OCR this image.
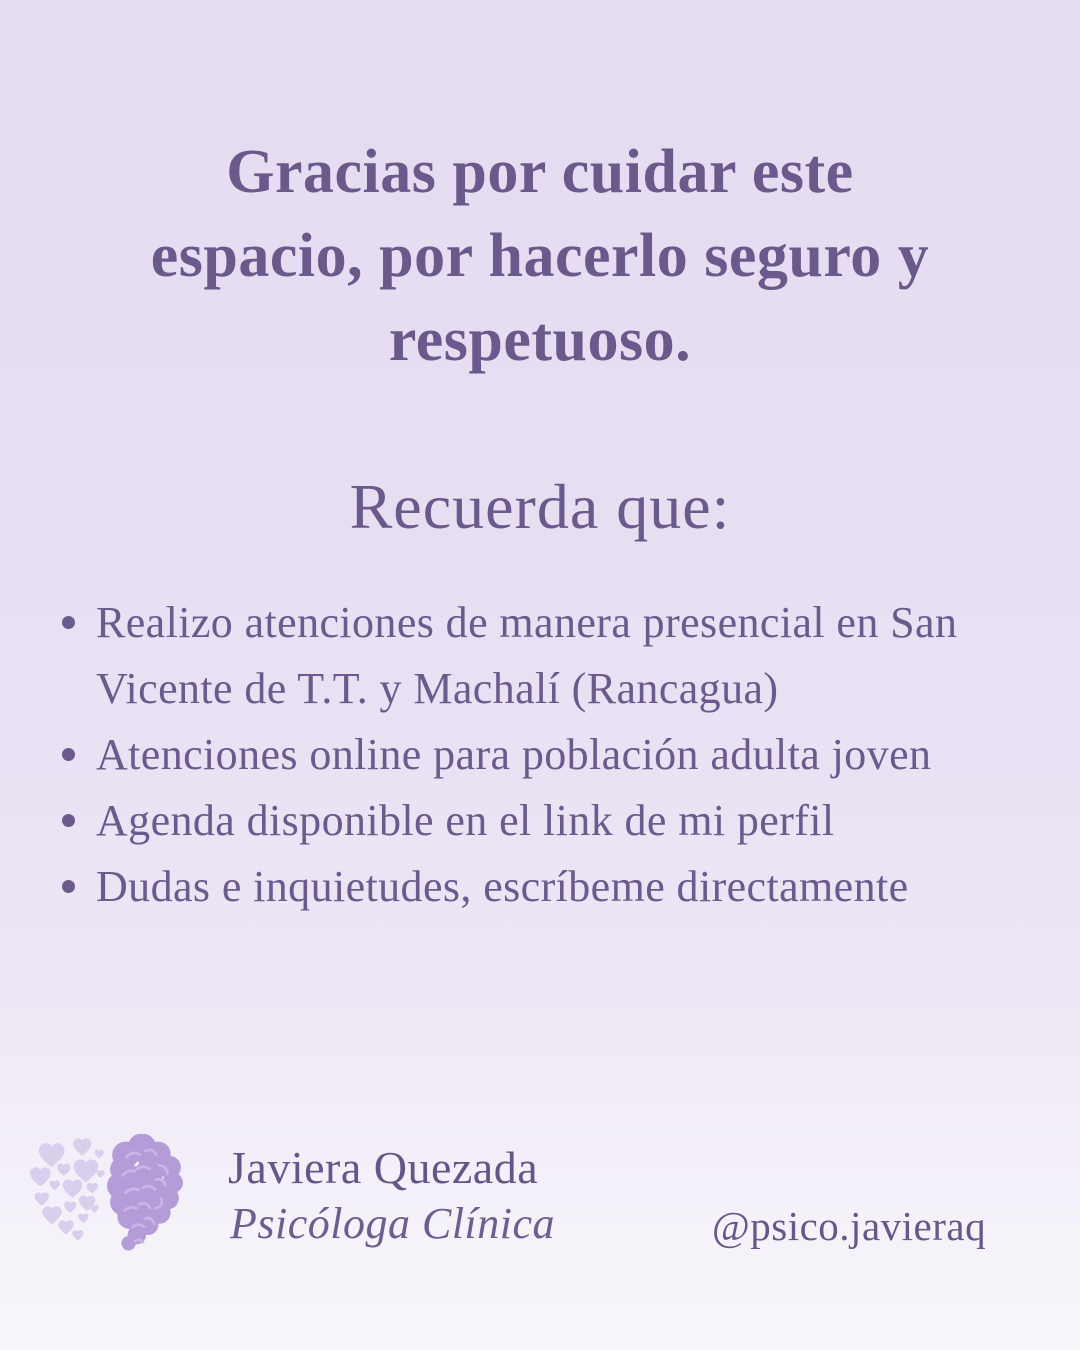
Gracias por cuidar este
espacio, por hacerlo seguro y
respetuoso.
Recuerda que:
Realizo atenciones de manera presencial en San Vicente de T.T. y Machalí (Rancagua)
Atenciones online para población adulta joven
Agenda disponible en el link de mi perfil
Dudas e inquietudes, escríbeme directamente
Javiera Quezada
Psicóloga Clínica	@psico.javieraq
